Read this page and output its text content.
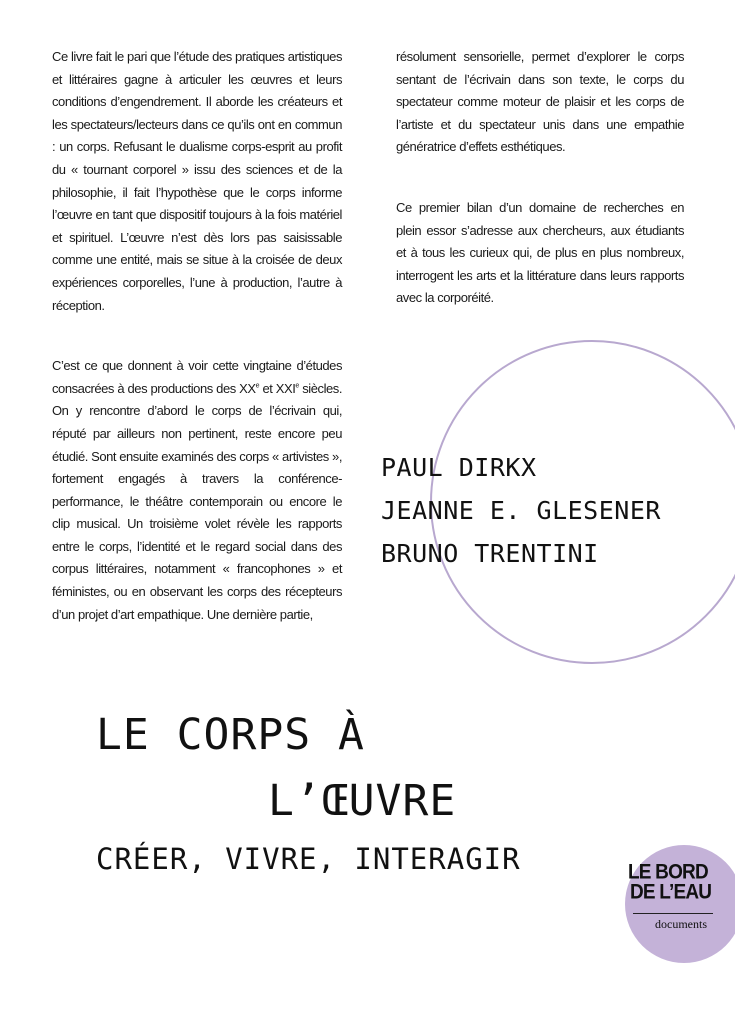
Ce livre fait le pari que l’étude des pratiques artistiques et littéraires gagne à articuler les œuvres et leurs conditions d’engendrement. Il aborde les créateurs et les spectateurs/lecteurs dans ce qu’ils ont en commun : un corps. Refusant le dualisme corps-esprit au profit du « tournant corporel » issu des sciences et de la philosophie, il fait l’hypothèse que le corps informe l’œuvre en tant que dispositif toujours à la fois matériel et spirituel. L’œuvre n’est dès lors pas saisissable comme une entité, mais se situe à la croisée de deux expériences corporelles, l’une à production, l’autre à réception.

C’est ce que donnent à voir cette vingtaine d’études consacrées à des productions des XXe et XXIe siècles. On y rencontre d’abord le corps de l’écrivain qui, réputé par ailleurs non pertinent, reste encore peu étudié. Sont ensuite examinés des corps « artivistes », fortement engagés à travers la conférence-performance, le théâtre contemporain ou encore le clip musical. Un troisième volet révèle les rapports entre le corps, l’identité et le regard social dans des corpus littéraires, notamment « francophones » et féministes, ou en observant les corps des récepteurs d’un projet d’art empathique. Une dernière partie,

résolument sensorielle, permet d’explorer le corps sentant de l’écrivain dans son texte, le corps du spectateur comme moteur de plaisir et les corps de l’artiste et du spectateur unis dans une empathie génératrice d’effets esthétiques.

Ce premier bilan d’un domaine de recherches en plein essor s’adresse aux chercheurs, aux étudiants et à tous les curieux qui, de plus en plus nombreux, interrogent les arts et la littérature dans leurs rapports avec la corporéité.

PAUL DIRKX
JEANNE E. GLESENER
BRUNO TRENTINI
LE CORPS À
L’ŒUVRE
CRÉER, VIVRE, INTERAGIR	LE BORD
DE L’EAU
documents
